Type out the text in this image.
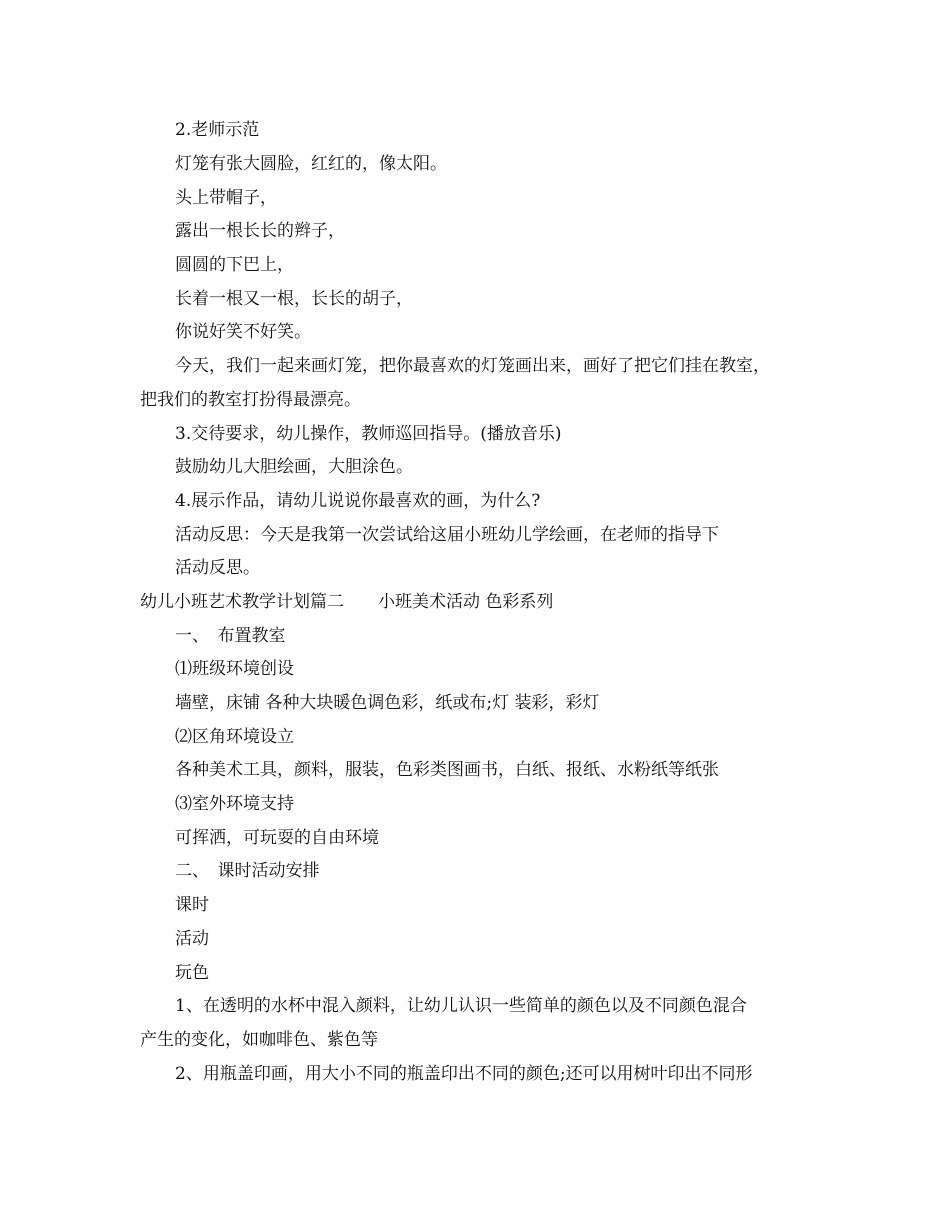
2.老师示范
灯笼有张大圆脸，红红的，像太阳。
头上带帽子，
露出一根长长的辫子，
圆圆的下巴上，
长着一根又一根，长长的胡子，
你说好笑不好笑。
今天，我们一起来画灯笼，把你最喜欢的灯笼画出来，画好了把它们挂在教室，
把我们的教室打扮得最漂亮。
3.交待要求，幼儿操作，教师巡回指导。(播放音乐)
鼓励幼儿大胆绘画，大胆涂色。
4.展示作品，请幼儿说说你最喜欢的画，为什么?
活动反思：今天是我第一次尝试给这届小班幼儿学绘画，在老师的指导下
活动反思。
幼儿小班艺术教学计划篇二　　小班美术活动 色彩系列
一、　布置教室
⑴班级环境创设
墙壁，床铺 各种大块暖色调色彩，纸或布;灯 装彩，彩灯
⑵区角环境设立
各种美术工具，颜料，服装，色彩类图画书，白纸、报纸、水粉纸等纸张
⑶室外环境支持
可挥洒，可玩耍的自由环境
二、　课时活动安排
课时
活动
玩色
1、在透明的水杯中混入颜料，让幼儿认识一些简单的颜色以及不同颜色混合
产生的变化，如咖啡色、紫色等
2、用瓶盖印画，用大小不同的瓶盖印出不同的颜色;还可以用树叶印出不同形
